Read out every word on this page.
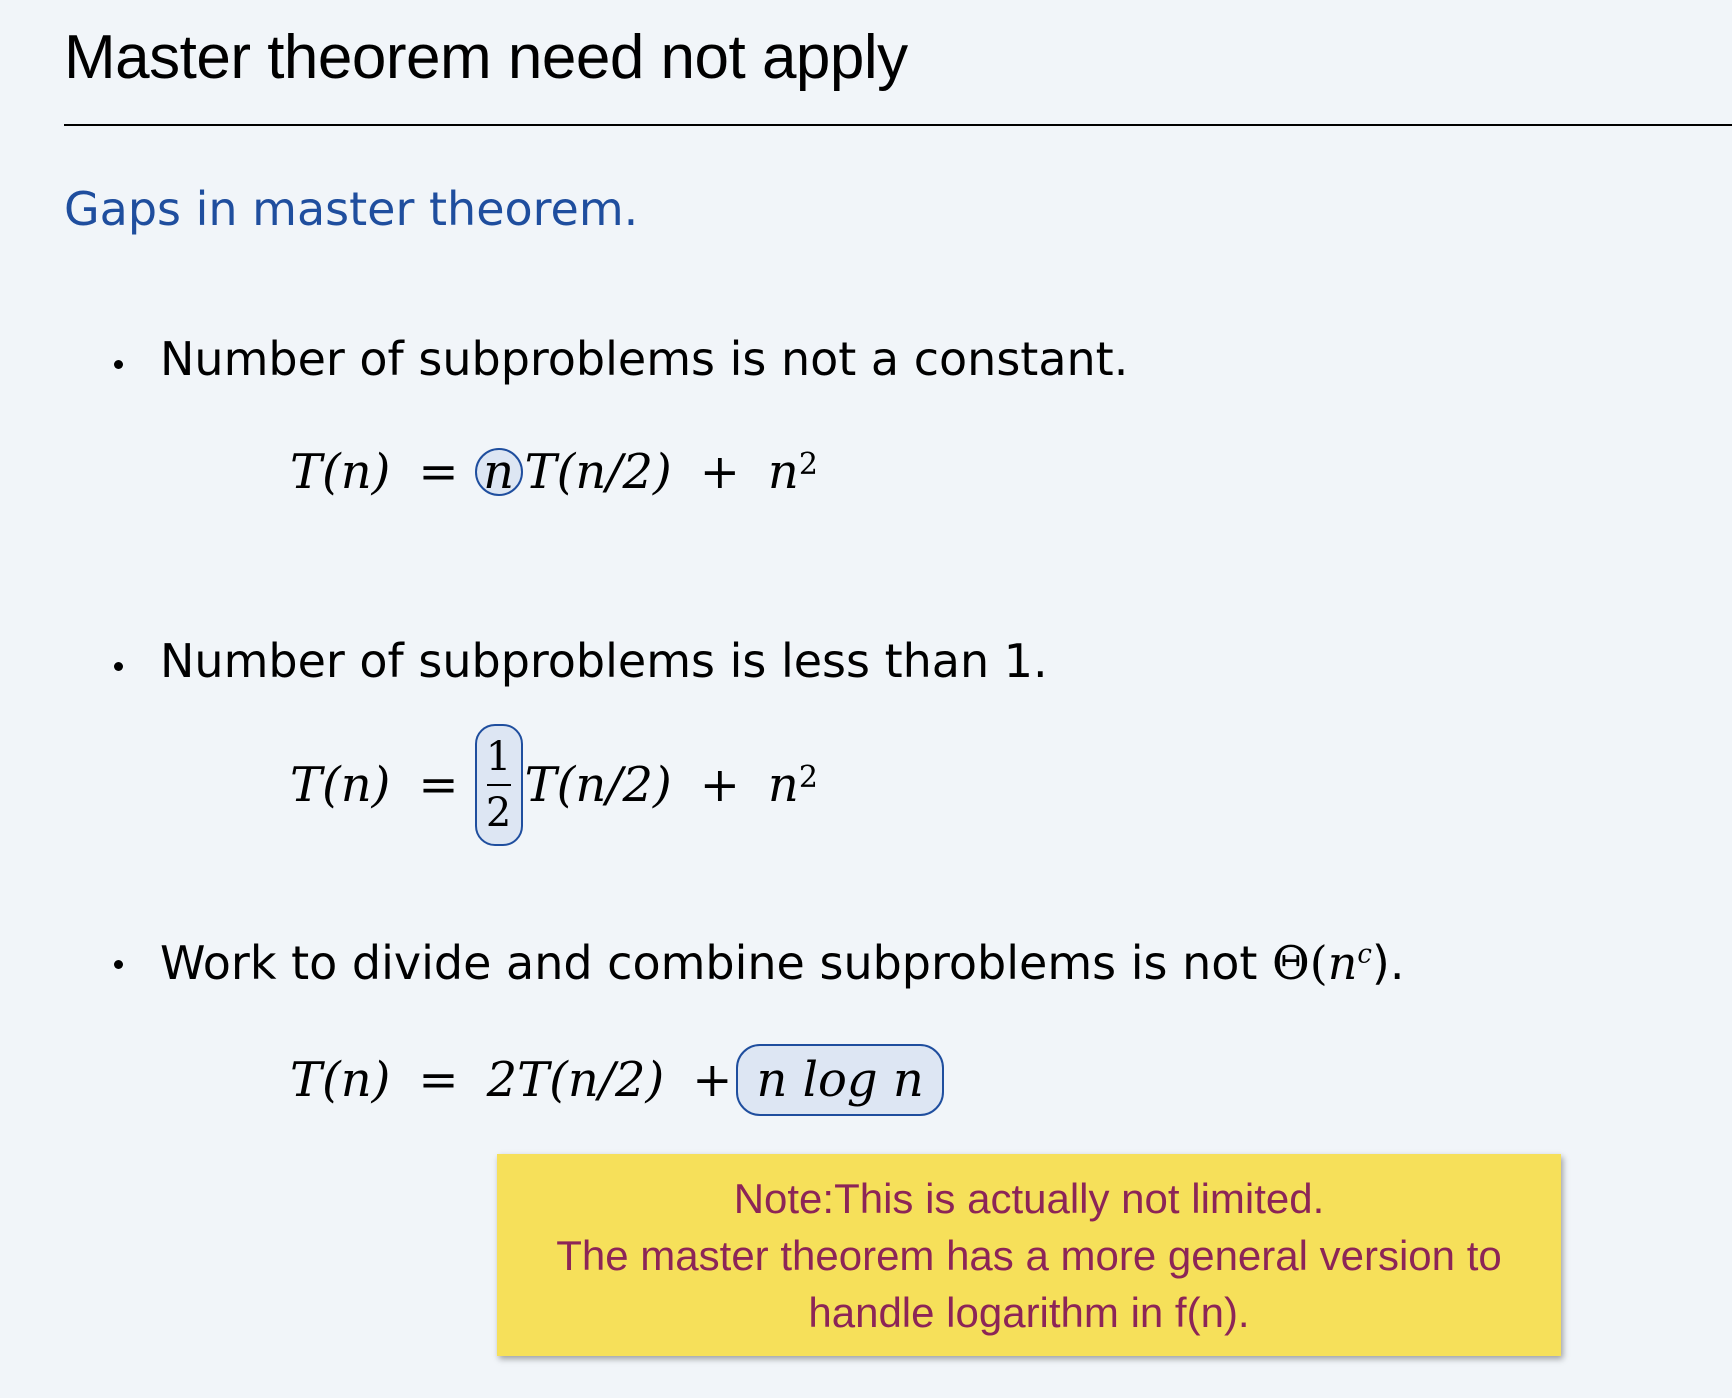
Master theorem need not apply
Gaps in master theorem.
Number of subproblems is not a constant.
T(n) = n $T(n/2) + n^2$
Number of subproblems is less than 1.
$T(n) = \frac{1}{2} T(n/2) + n^2$
Work to divide and combine subproblems is not $\Theta(n^c)$.
T(n) = 2T(n/2) + n log n
Note:This is actually not limited.
The master theorem has a more general version to
handle logarithm in f(n).
